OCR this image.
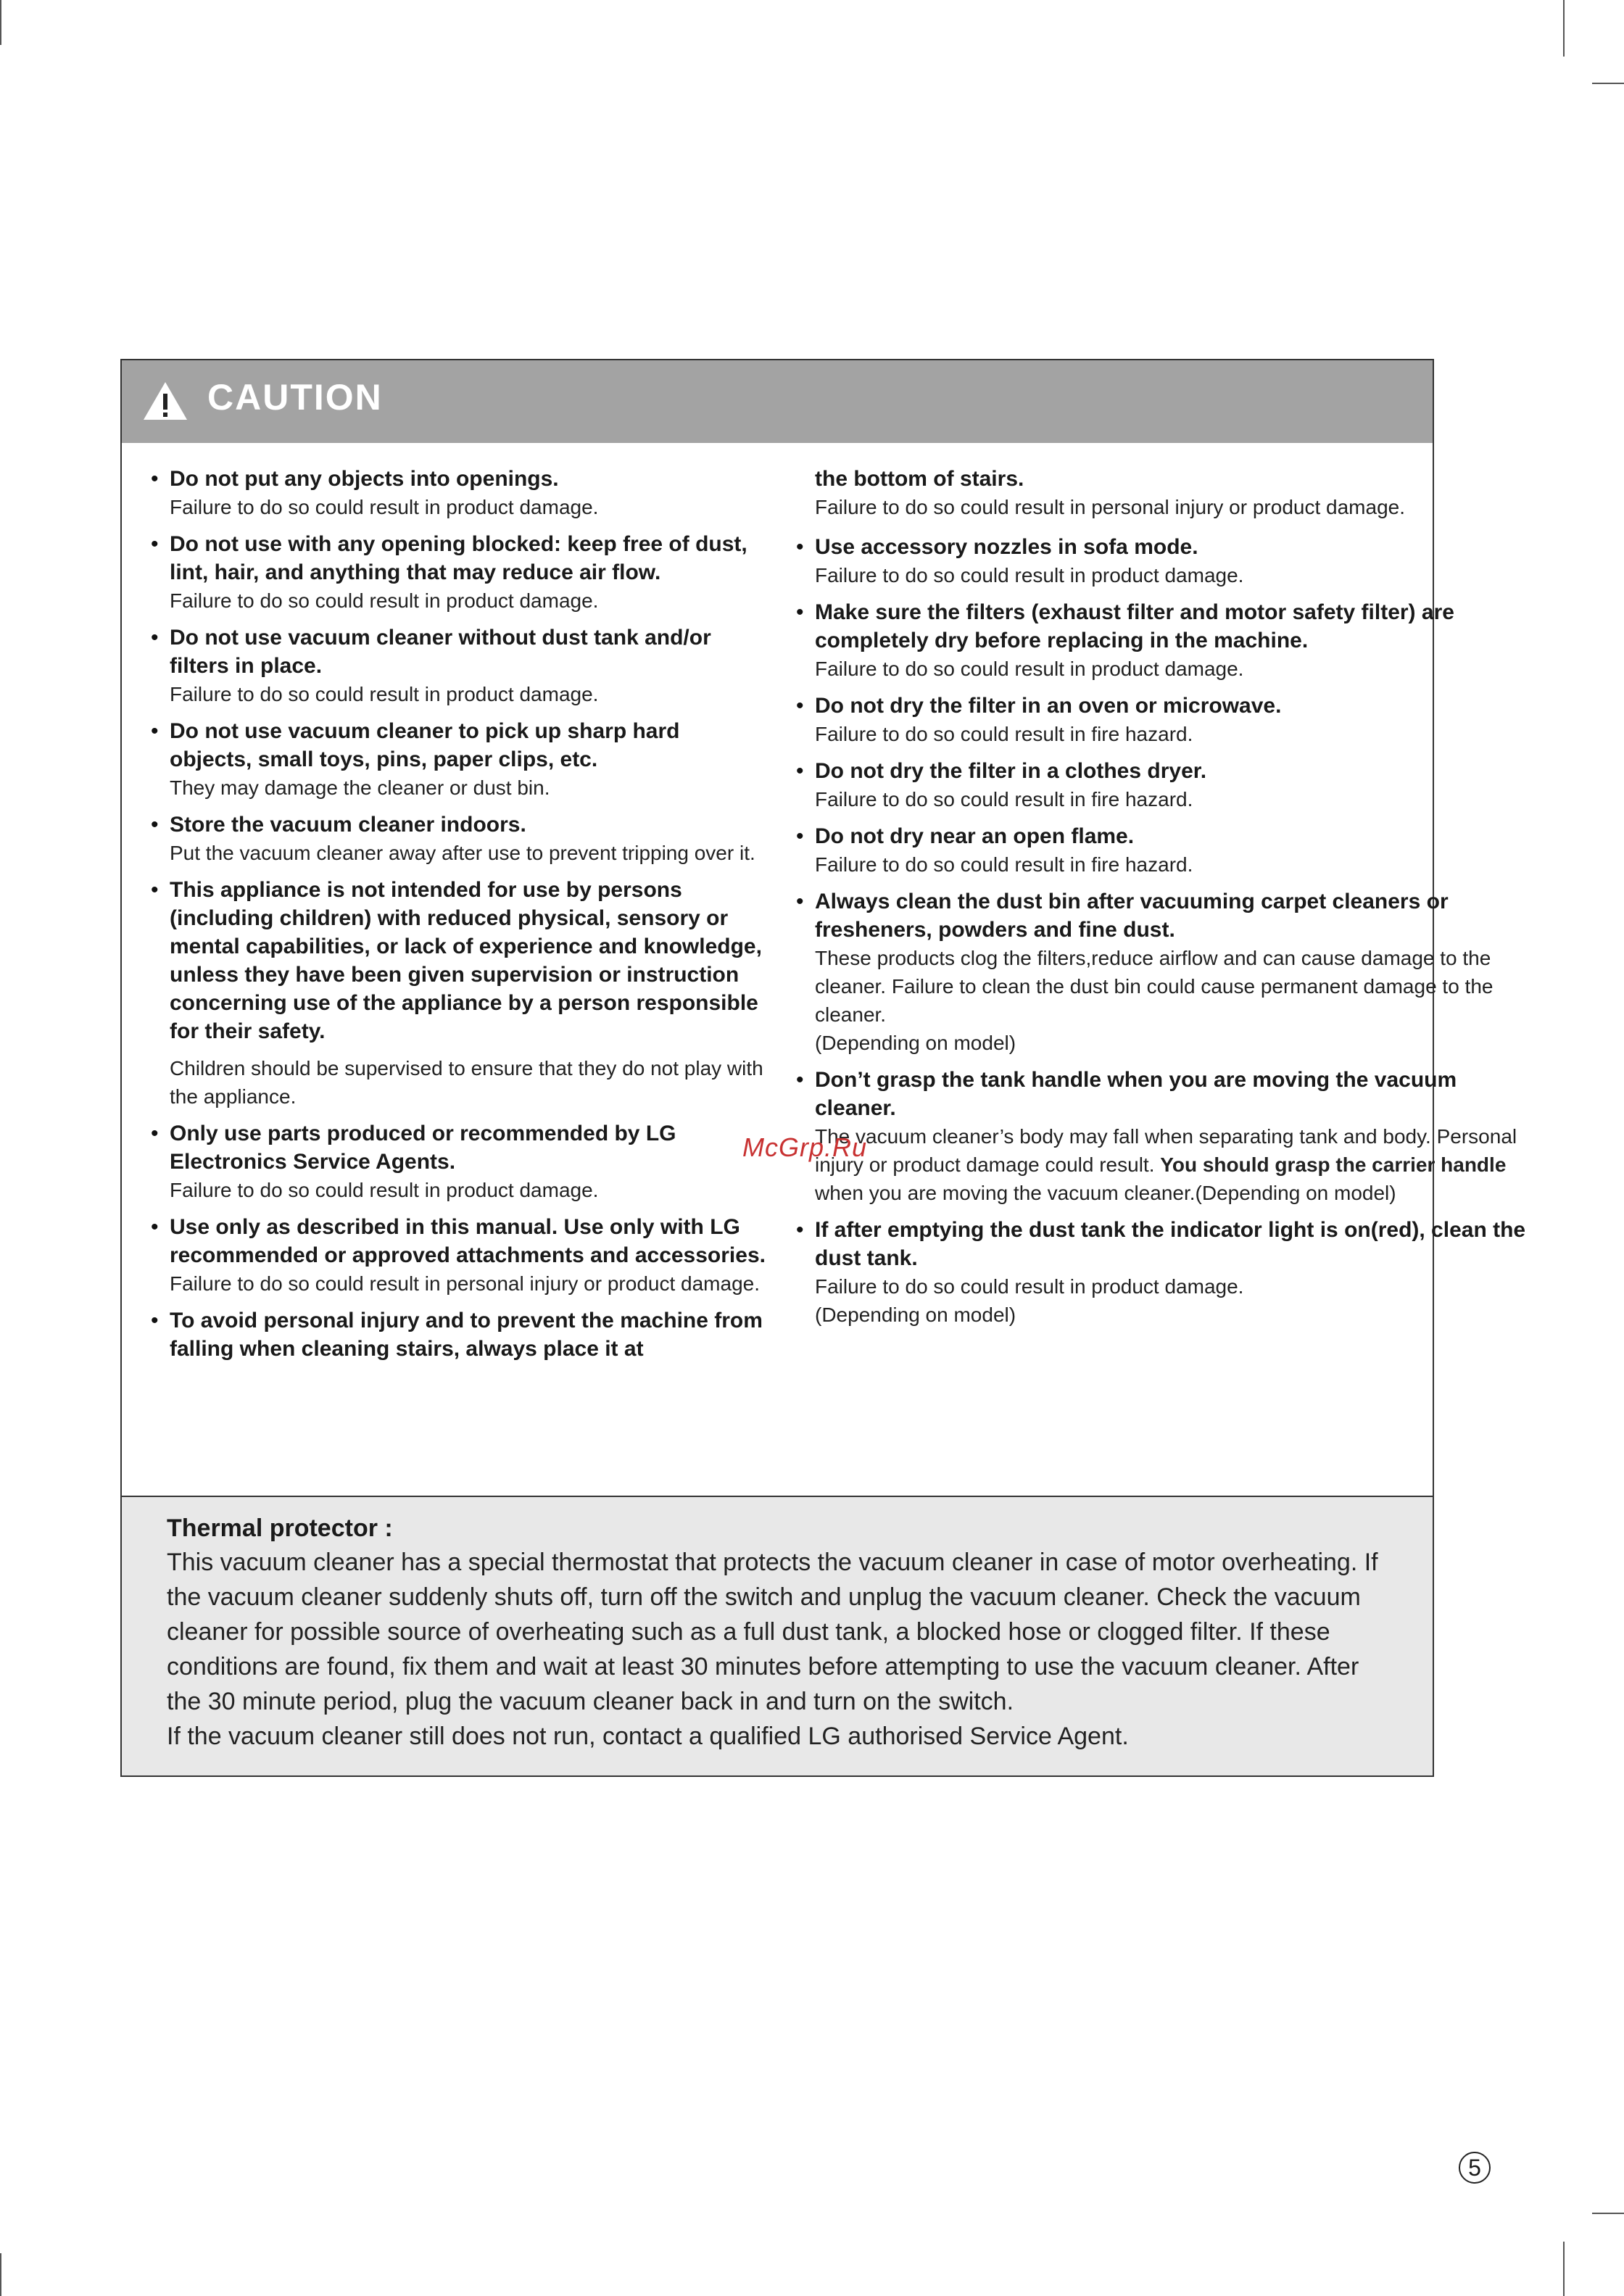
CAUTION
• Do not put any objects into openings.
Failure to do so could result in product damage.
• Do not use with any opening blocked: keep free of dust, lint, hair, and anything that may reduce air flow.
Failure to do so could result in product damage.
• Do not use vacuum cleaner without dust tank and/or filters in place.
Failure to do so could result in product damage.
• Do not use vacuum cleaner to pick up sharp hard objects, small toys, pins, paper clips, etc.
They may damage the cleaner or dust bin.
• Store the vacuum cleaner indoors.
Put the vacuum cleaner away after use to prevent tripping over it.
• This appliance is not intended for use by persons (including children) with reduced physical, sensory or mental capabilities, or lack of experience and knowledge, unless they have been given supervision or instruction concerning use of the appliance by a person responsible for their safety.
Children should be supervised to ensure that they do not play with the appliance.
• Only use parts produced or recommended by LG Electronics Service Agents.
Failure to do so could result in product damage.
• Use only as described in this manual. Use only with LG recommended or approved attachments and accessories.
Failure to do so could result in personal injury or product damage.
• To avoid personal injury and to prevent the machine from falling when cleaning stairs, always place it at
the bottom of stairs.
Failure to do so could result in personal injury or product damage.
• Use accessory nozzles in sofa mode.
Failure to do so could result in product damage.
• Make sure the filters (exhaust filter and motor safety filter) are completely dry before replacing in the machine.
Failure to do so could result in product damage.
• Do not dry the filter in an oven or microwave.
Failure to do so could result in fire hazard.
• Do not dry the filter in a clothes dryer.
Failure to do so could result in fire hazard.
• Do not dry near an open flame.
Failure to do so could result in fire hazard.
• Always clean the dust bin after vacuuming carpet cleaners or fresheners, powders and fine dust.
These products clog the filters,reduce airflow and can cause damage to the cleaner. Failure to clean the dust bin could cause permanent damage to the cleaner.
(Depending on model)
• Don’t grasp the tank handle when you are moving the vacuum cleaner.
The vacuum cleaner’s body may fall when separating tank and body. Personal injury or product damage could result. You should grasp the carrier handle when you are moving the vacuum cleaner.(Depending on model)
• If after emptying the dust tank the indicator light is on(red), clean the dust tank.
Failure to do so could result in product damage.
(Depending on model)
Thermal protector :
This vacuum cleaner has a special thermostat that protects the vacuum cleaner in case of motor overheating. If the vacuum cleaner suddenly shuts off, turn off the switch and unplug the vacuum cleaner. Check the vacuum cleaner for possible source of overheating such as a full dust tank, a blocked hose or clogged filter. If these conditions are found, fix them and wait at least 30 minutes before attempting to use the vacuum cleaner. After the 30 minute period, plug the vacuum cleaner back in and turn on the switch.
If the vacuum cleaner still does not run, contact a qualified LG authorised Service Agent.
McGrp.Ru
5
